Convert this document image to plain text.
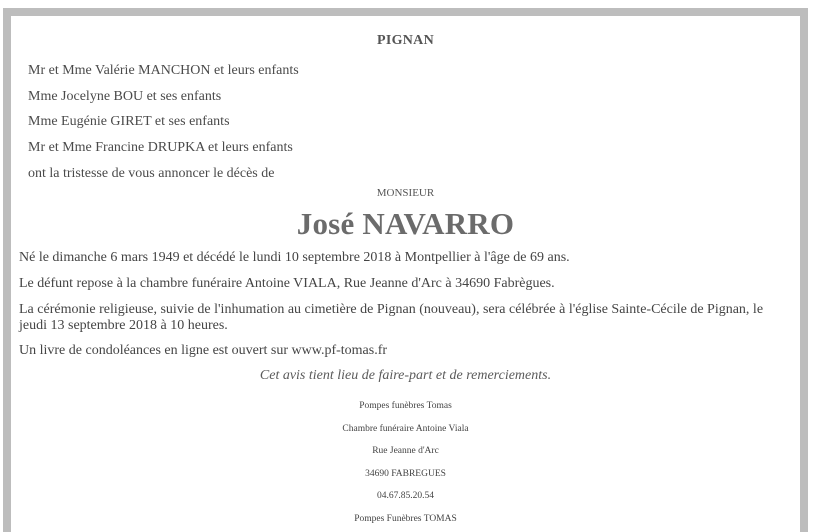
PIGNAN
Mr et Mme Valérie MANCHON et leurs enfants
Mme Jocelyne BOU et ses enfants
Mme Eugénie GIRET et ses enfants
Mr et Mme Francine DRUPKA et leurs enfants
ont la tristesse de vous annoncer le décès de
MONSIEUR
José NAVARRO

Né le dimanche 6 mars 1949 et décédé le lundi 10 septembre 2018 à Montpellier à l'âge de 69 ans.

Le défunt repose à la chambre funéraire Antoine VIALA, Rue Jeanne d'Arc à 34690 Fabrègues.

La cérémonie religieuse, suivie de l'inhumation au cimetière de Pignan (nouveau), sera célébrée à l'église Sainte-Cécile de Pignan, le jeudi 13 septembre 2018 à 10 heures.

Un livre de condoléances en ligne est ouvert sur www.pf-tomas.fr

Cet avis tient lieu de faire-part et de remerciements.
Pompes funèbres Tomas
Chambre funéraire Antoine Viala
Rue Jeanne d'Arc
34690 FABREGUES
04.67.85.20.54
Pompes Funèbres TOMAS
